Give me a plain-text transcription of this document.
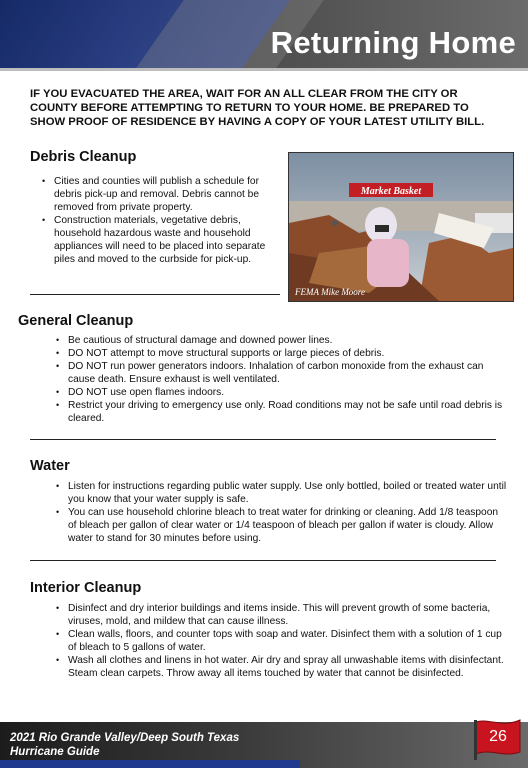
Returning Home
IF YOU EVACUATED THE AREA, WAIT FOR AN ALL CLEAR FROM THE CITY OR COUNTY BEFORE ATTEMPTING TO RETURN TO YOUR HOME. BE PREPARED TO SHOW PROOF OF RESIDENCE BY HAVING A COPY OF YOUR LATEST UTILITY BILL.
Debris Cleanup
• Cities and counties will publish a schedule for debris pick-up and removal. Debris cannot be removed from private property.
• Construction materials, vegetative debris, household hazardous waste and household appliances will need to be placed into separate piles and moved to the curbside for pick-up.
Market Basket
FEMA Mike Moore
General Cleanup
• Be cautious of structural damage and downed power lines.
• DO NOT attempt to move structural supports or large pieces of debris.
• DO NOT run power generators indoors. Inhalation of carbon monoxide from the exhaust can cause death. Ensure exhaust is well ventilated.
• DO NOT use open flames indoors.
• Restrict your driving to emergency use only. Road conditions may not be safe until road debris is cleared.
Water
• Listen for instructions regarding public water supply. Use only bottled, boiled or treated water until you know that your water supply is safe.
• You can use household chlorine bleach to treat water for drinking or cleaning. Add 1/8 teaspoon of bleach per gallon of clear water or 1/4 teaspoon of bleach per gallon if water is cloudy. Allow water to stand for 30 minutes before using.
Interior Cleanup
• Disinfect and dry interior buildings and items inside. This will prevent growth of some bacteria, viruses, mold, and mildew that can cause illness.
• Clean walls, floors, and counter tops with soap and water. Disinfect them with a solution of 1 cup of bleach to 5 gallons of water.
• Wash all clothes and linens in hot water. Air dry and spray all unwashable items with disinfectant. Steam clean carpets. Throw away all items touched by water that cannot be disinfected.
2021 Rio Grande Valley/Deep South Texas
Hurricane Guide
26
